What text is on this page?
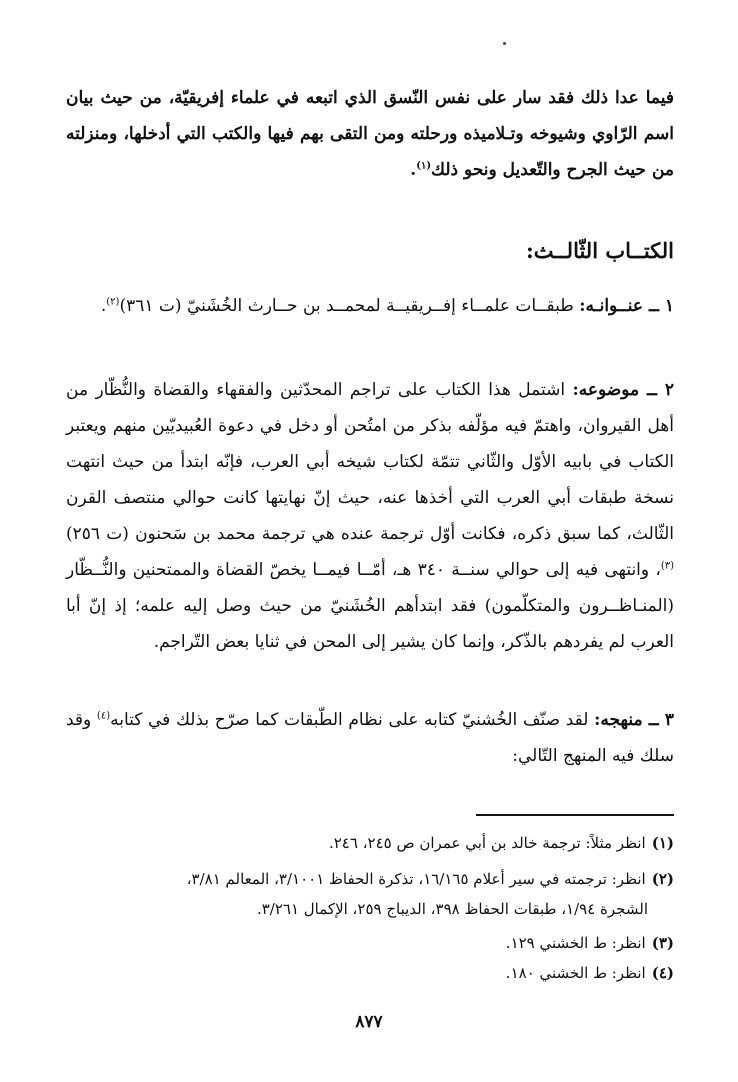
فيما عدا ذلك فقد سار على نفس النّسق الذي اتبعه في علماء إفريقيّة، من حيث بيان اسم الرّاوي وشيوخه وتـلاميذه ورحلته ومن التقى بهم فيها والكتب التي أدخلها، ومنزلته من حيث الجرح والتّعديل ونحو ذلك$^{(١)}$.
الكتــاب الثّالــث:
١ ــ عنــوانـه: طبقــات علمــاء إفــريقيــة لمحمــد بن حــارث الخُشَنيّ (ت ٣٦١)$^{(٢)}$.
٢ ــ موضوعه: اشتمل هذا الكتاب على تراجم المحدّثين والفقهاء والقضاة والنُّظّار من أهل القيروان، واهتمّ فيه مؤلّفه بذكر من امتُحن أو دخل في دعوة العُبيديّين منهم ويعتبر الكتاب في بابيه الأوّل والثّاني تتمّة لكتاب شيخه أبي العرب، فإنّه ابتدأ من حيث انتهت نسخة طبقات أبي العرب التي أخذها عنه، حيث إنّ نهايتها كانت حوالي منتصف القرن الثّالث، كما سبق ذكره، فكانت أوّل ترجمة عنده هي ترجمة محمد بن سَحنون (ت ٢٥٦)$^{(٣)}$، وانتهى فيه إلى حوالي سنــة ٣٤٠ هـ، أمّــا فيمــا يخصّ القضاة والممتحنين والنُّــظّار (المنـاظــرون والمتكلّمون) فقد ابتدأهم الخُشَنيّ من حيث وصل إليه علمه؛ إذ إنّ أبا العرب لم يفردهم بالذّكر، وإنما كان يشير إلى المحن في ثنايا بعض التّراجم.
٣ ــ منهجه: لقد صنّف الخُشنيّ كتابه على نظام الطّبقات كما صرّح بذلك في كتابه$^{(٤)}$ وقد سلك فيه المنهج التّالي:
(١)انظر مثلاً: ترجمة خالد بن أبي عمران ص ٢٤٥، ٢٤٦.
(٢)انظر: ترجمته في سير أعلام ١٦/١٦٥، تذكرة الحفاظ ٣/١٠٠١، المعالم ٣/٨١،
الشجرة ١/٩٤، طبقات الحفاظ ٣٩٨، الديباج ٢٥٩، الإكمال ٣/٢٦١.
(٣)انظر: ط الخشني ١٢٩.
(٤)انظر: ط الخشني ١٨٠.
٨٧٧
